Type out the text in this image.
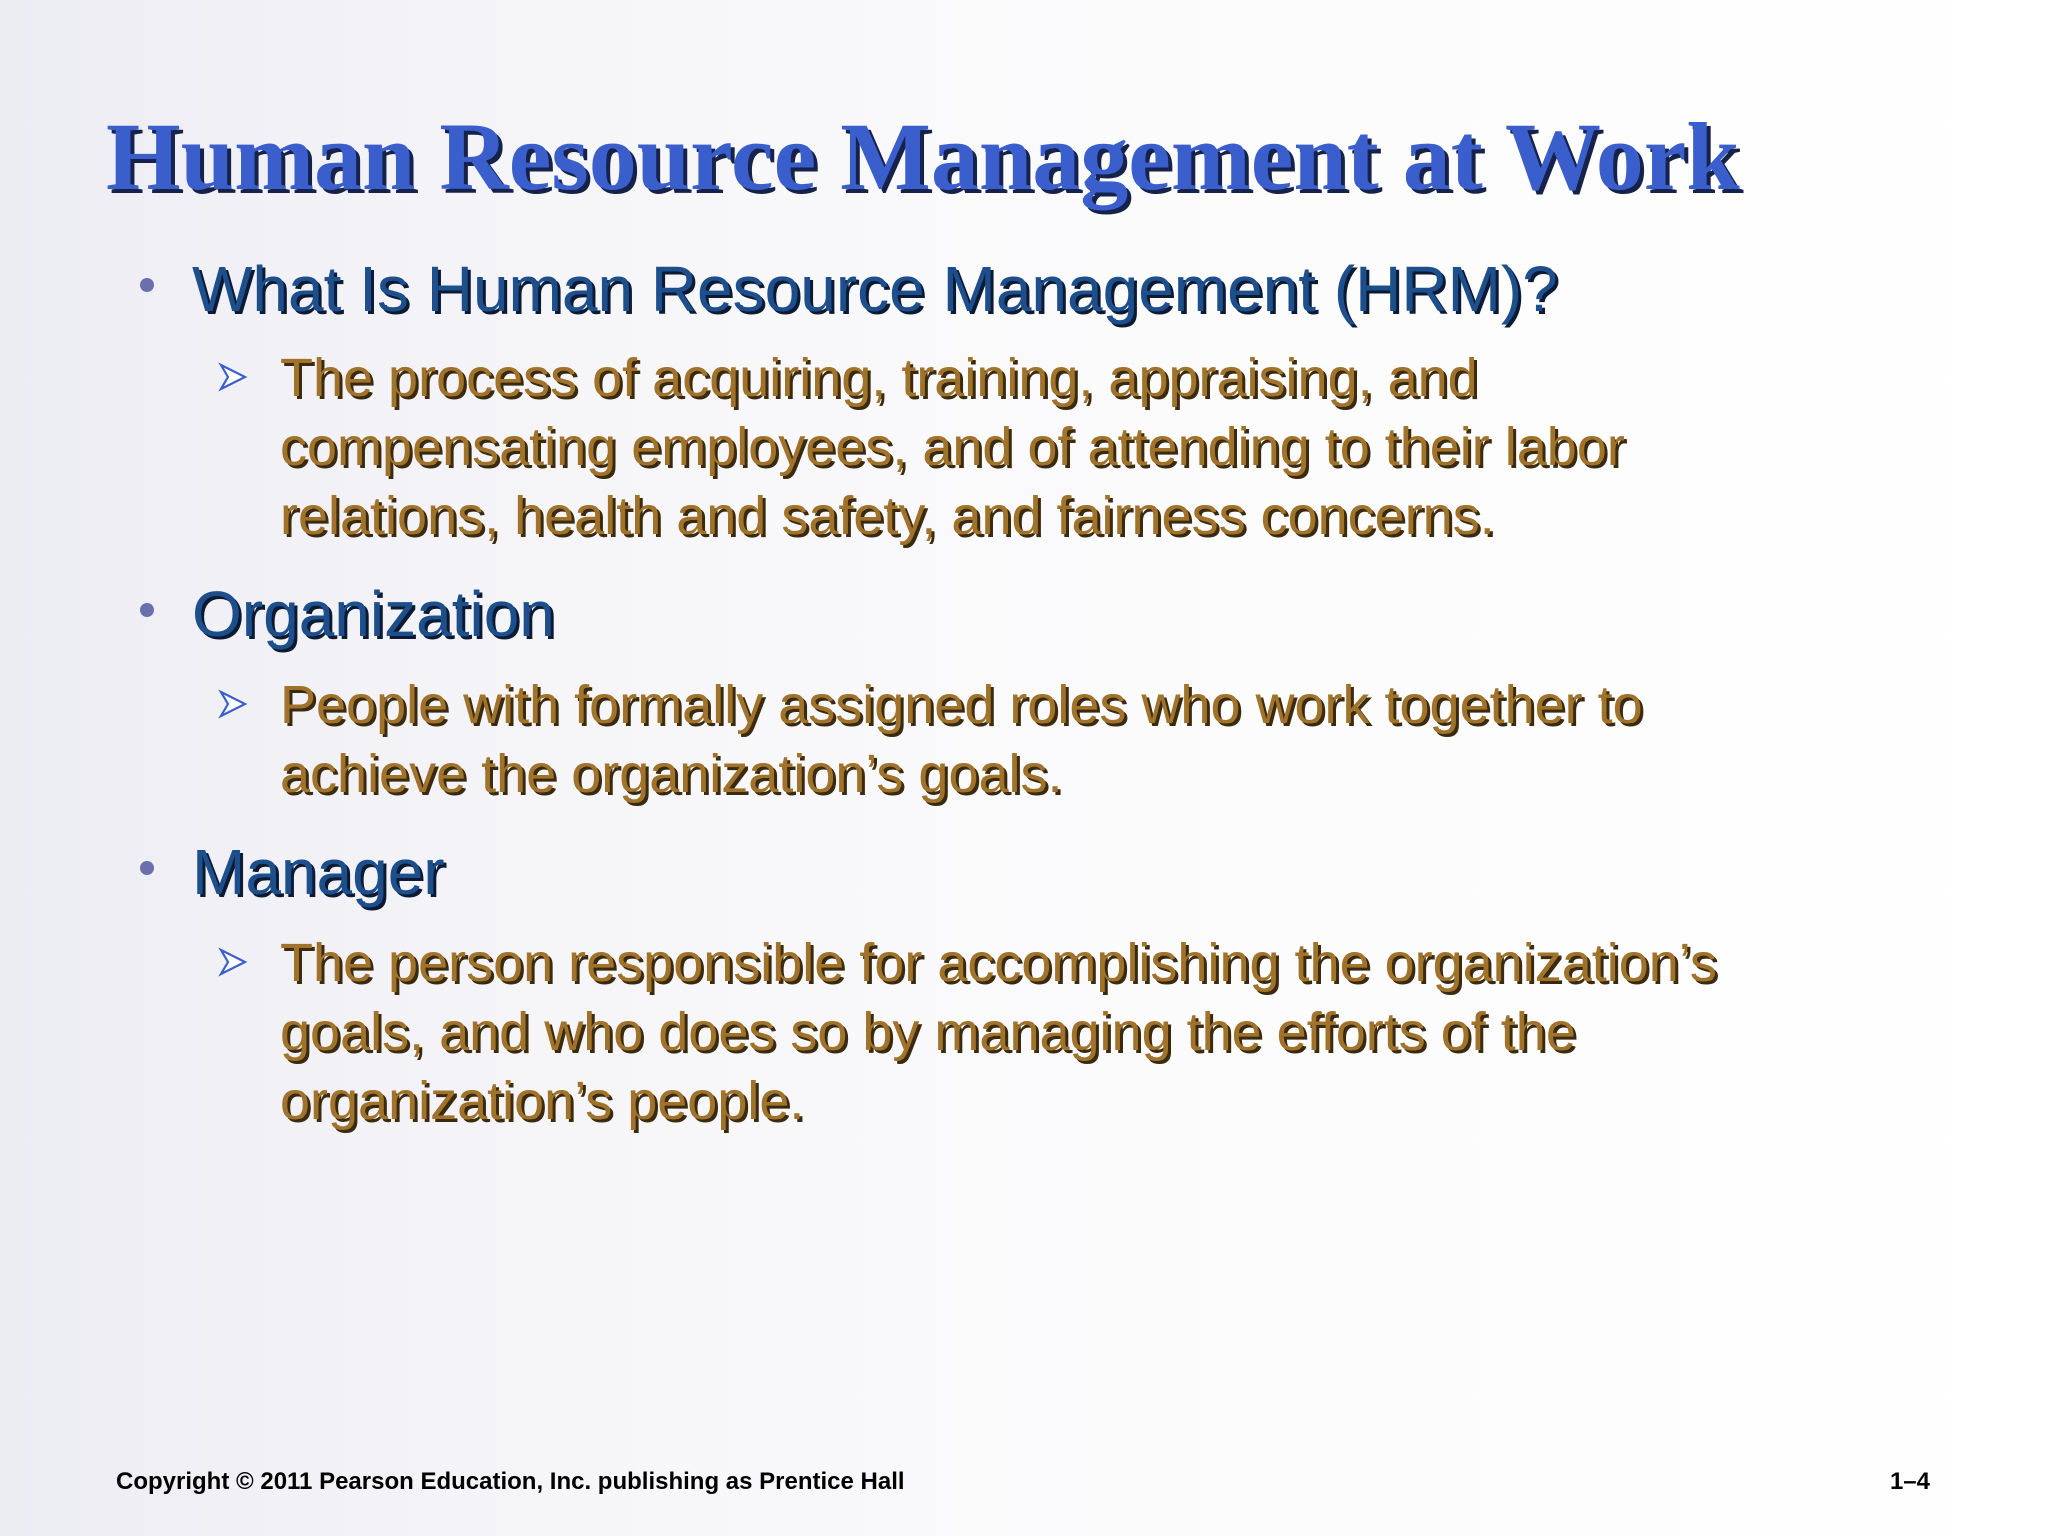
Human Resource Management at Work
What Is Human Resource Management (HRM)?
The process of acquiring, training, appraising, and
compensating employees, and of attending to their labor
relations, health and safety, and fairness concerns.
Organization
People with formally assigned roles who work together to
achieve the organization’s goals.
Manager
The person responsible for accomplishing the organization’s
goals, and who does so by managing the efforts of the
organization’s people.
Copyright © 2011 Pearson Education, Inc. publishing as Prentice Hall	1–4
